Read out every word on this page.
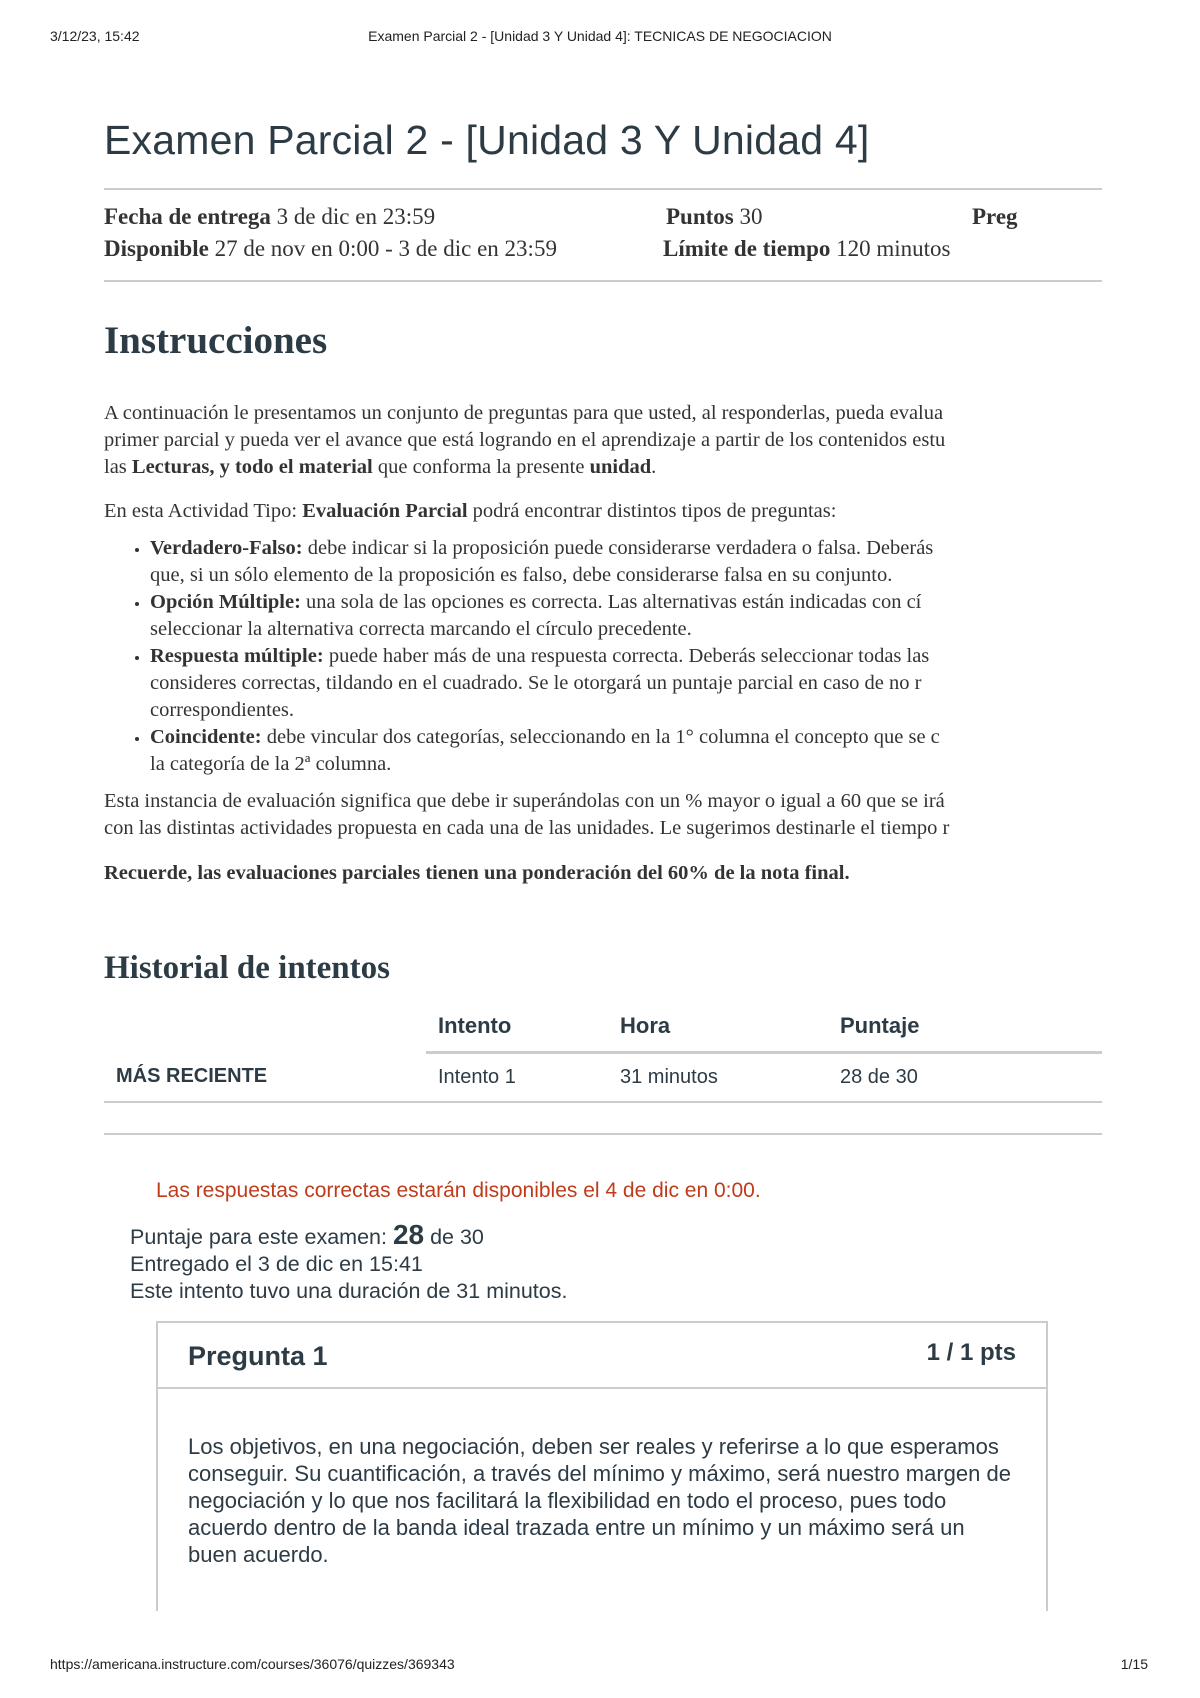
3/12/23, 15:42	Examen Parcial 2 - [Unidad 3 Y Unidad 4]: TECNICAS DE NEGOCIACION
Examen Parcial 2 - [Unidad 3 Y Unidad 4]
Fecha de entrega 3 de dic en 23:59	Puntos 30	Preg
Disponible 27 de nov en 0:00 - 3 de dic en 23:59	Límite de tiempo 120 minutos
Instrucciones
A continuación le presentamos un conjunto de preguntas para que usted, al responderlas, pueda evalua
primer parcial y pueda ver el avance que está logrando en el aprendizaje a partir de los contenidos estu
las Lecturas, y todo el material que conforma la presente unidad.
En esta Actividad Tipo: Evaluación Parcial podrá encontrar distintos tipos de preguntas:
• Verdadero-Falso: debe indicar si la proposición puede considerarse verdadera o falsa. Deberás
que, si un sólo elemento de la proposición es falso, debe considerarse falsa en su conjunto.
• Opción Múltiple: una sola de las opciones es correcta. Las alternativas están indicadas con cí
seleccionar la alternativa correcta marcando el círculo precedente.
• Respuesta múltiple: puede haber más de una respuesta correcta. Deberás seleccionar todas las
consideres correctas, tildando en el cuadrado. Se le otorgará un puntaje parcial en caso de no r
correspondientes.
• Coincidente: debe vincular dos categorías, seleccionando en la 1° columna el concepto que se c
la categoría de la 2ª columna.
Esta instancia de evaluación significa que debe ir superándolas con un % mayor o igual a 60 que se irá
con las distintas actividades propuesta en cada una de las unidades. Le sugerimos destinarle el tiempo r
Recuerde, las evaluaciones parciales tienen una ponderación del 60% de la nota final.
Historial de intentos
	Intento	Hora	Puntaje
MÁS RECIENTE	Intento 1	31 minutos	28 de 30
Las respuestas correctas estarán disponibles el 4 de dic en 0:00.
Puntaje para este examen: 28 de 30
Entregado el 3 de dic en 15:41
Este intento tuvo una duración de 31 minutos.
Pregunta 1	1 / 1 pts
Los objetivos, en una negociación, deben ser reales y referirse a lo que esperamos conseguir. Su cuantificación, a través del mínimo y máximo, será nuestro margen de negociación y lo que nos facilitará la flexibilidad en todo el proceso, pues todo acuerdo dentro de la banda ideal trazada entre un mínimo y un máximo será un buen acuerdo.
https://americana.instructure.com/courses/36076/quizzes/369343	1/15
